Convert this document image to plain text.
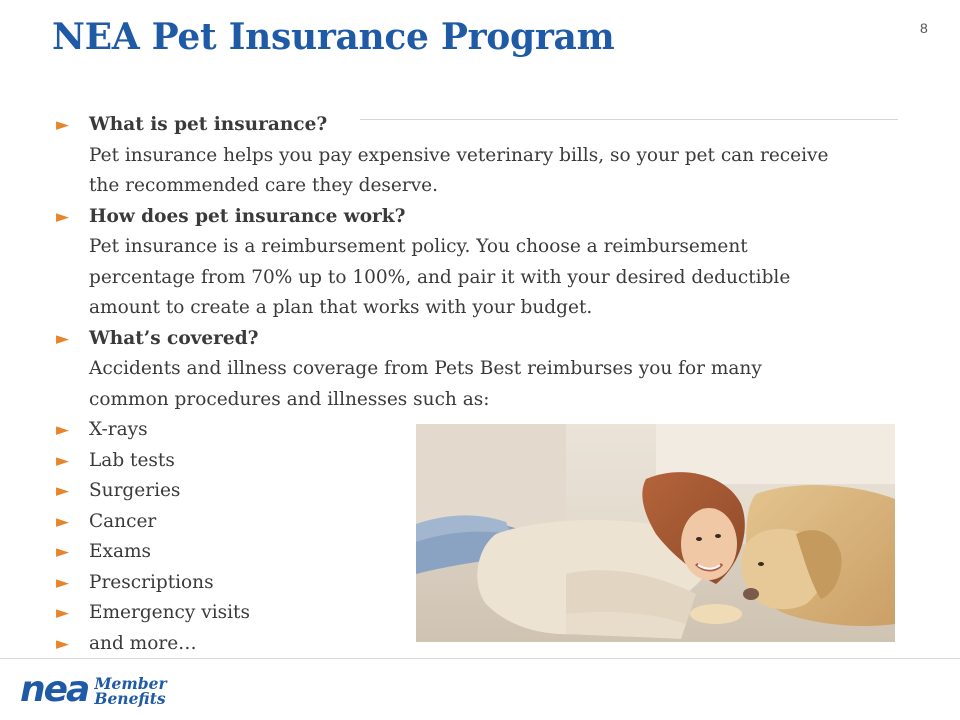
NEA Pet Insurance Program	8
►	What is pet insurance?
Pet insurance helps you pay expensive veterinary bills, so your pet can receive
the recommended care they deserve.
►	How does pet insurance work?
Pet insurance is a reimbursement policy. You choose a reimbursement
percentage from 70% up to 100%, and pair it with your desired deductible
amount to create a plan that works with your budget.
►	What’s covered?
Accidents and illness coverage from Pets Best reimburses you for many
common procedures and illnesses such as:
►	X-rays
►	Lab tests
►	Surgeries
►	Cancer
►	Exams
►	Prescriptions
►	Emergency visits
►	and more…
nea Member
Benefits
